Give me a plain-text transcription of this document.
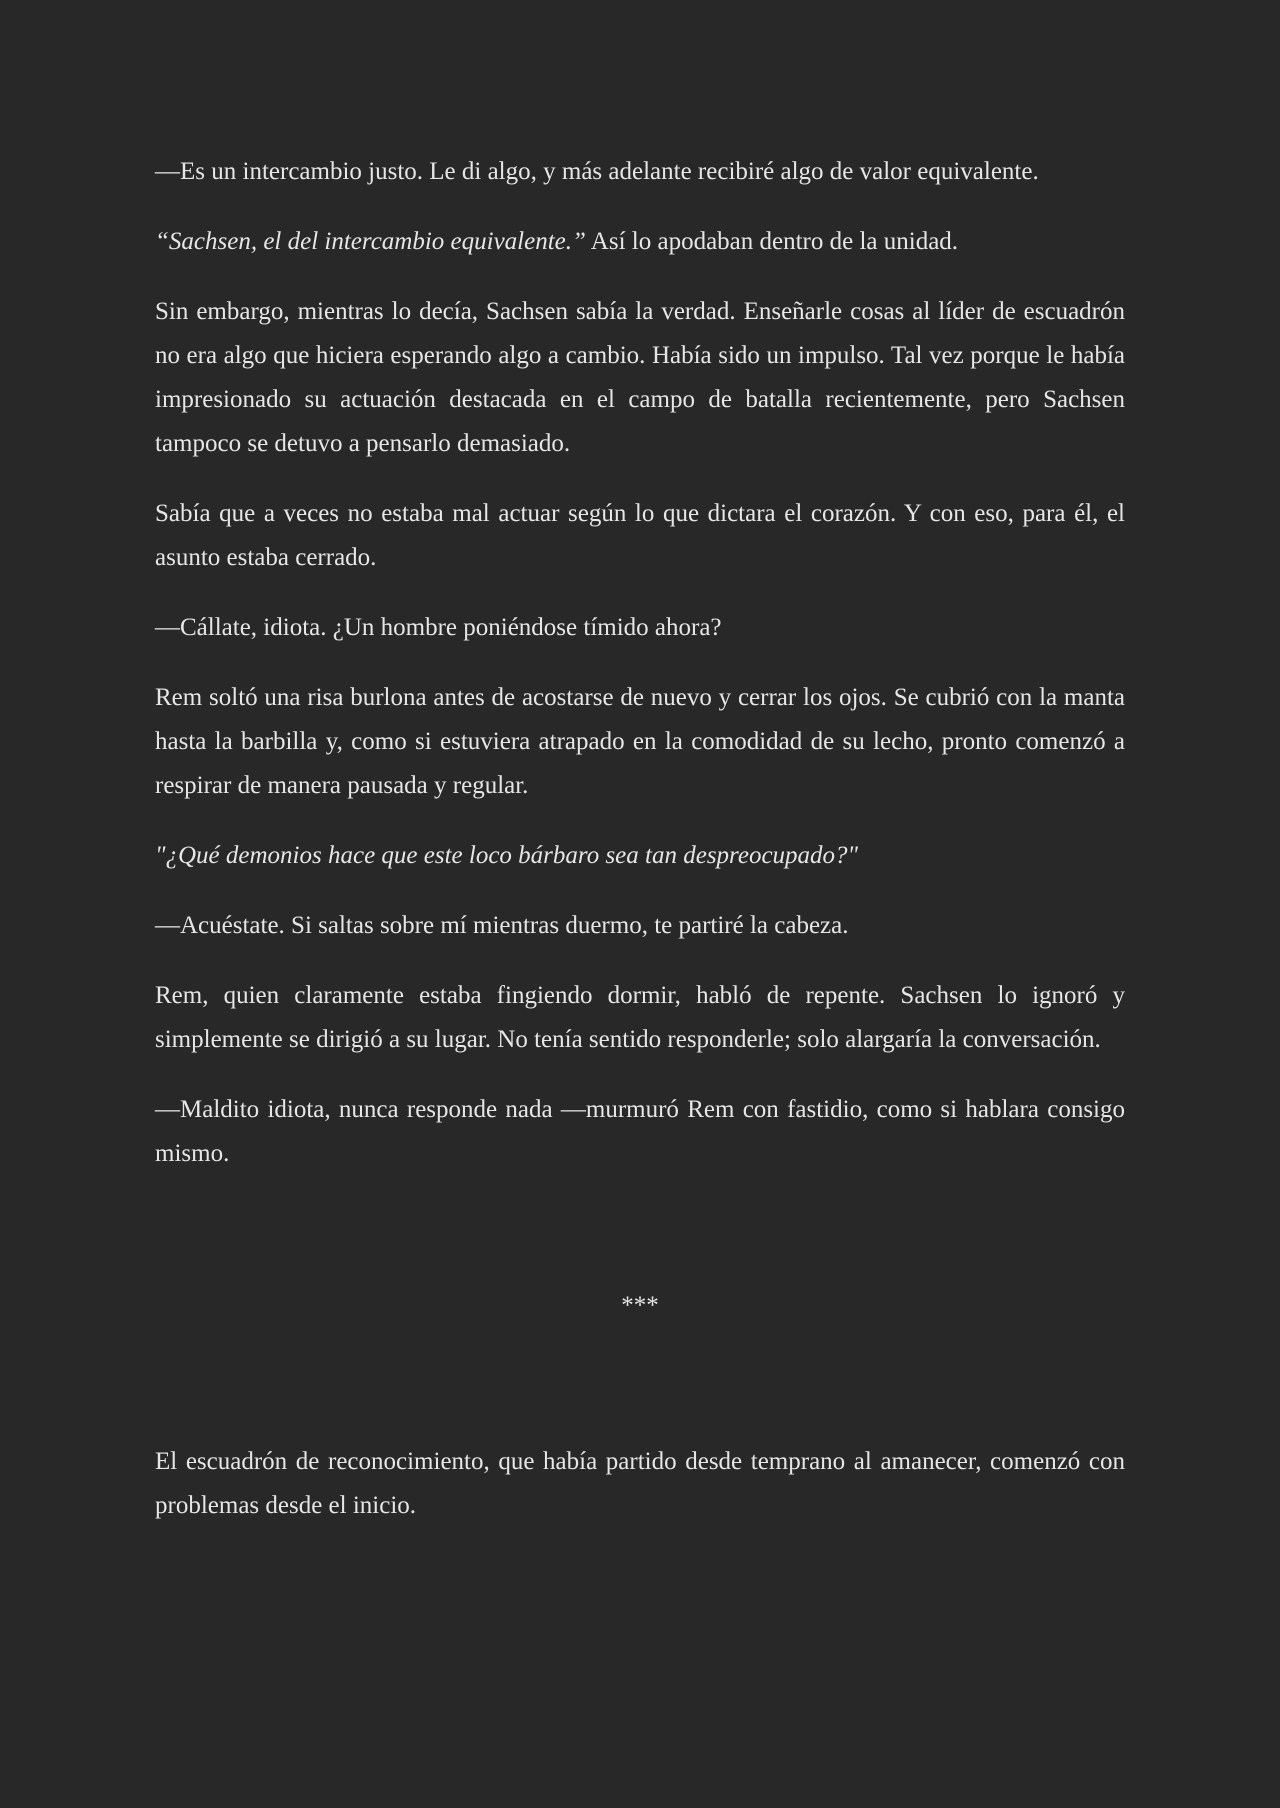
—Es un intercambio justo. Le di algo, y más adelante recibiré algo de valor equivalente.

“Sachsen, el del intercambio equivalente.” Así lo apodaban dentro de la unidad.

Sin embargo, mientras lo decía, Sachsen sabía la verdad. Enseñarle cosas al líder de escuadrón no era algo que hiciera esperando algo a cambio. Había sido un impulso. Tal vez porque le había impresionado su actuación destacada en el campo de batalla recientemente, pero Sachsen tampoco se detuvo a pensarlo demasiado.

Sabía que a veces no estaba mal actuar según lo que dictara el corazón. Y con eso, para él, el asunto estaba cerrado.

—Cállate, idiota. ¿Un hombre poniéndose tímido ahora?

Rem soltó una risa burlona antes de acostarse de nuevo y cerrar los ojos. Se cubrió con la manta hasta la barbilla y, como si estuviera atrapado en la comodidad de su lecho, pronto comenzó a respirar de manera pausada y regular.

"¿Qué demonios hace que este loco bárbaro sea tan despreocupado?"

—Acuéstate. Si saltas sobre mí mientras duermo, te partiré la cabeza.

Rem, quien claramente estaba fingiendo dormir, habló de repente. Sachsen lo ignoró y simplemente se dirigió a su lugar. No tenía sentido responderle; solo alargaría la conversación.

—Maldito idiota, nunca responde nada —murmuró Rem con fastidio, como si hablara consigo mismo.

***

El escuadrón de reconocimiento, que había partido desde temprano al amanecer, comenzó con problemas desde el inicio.
